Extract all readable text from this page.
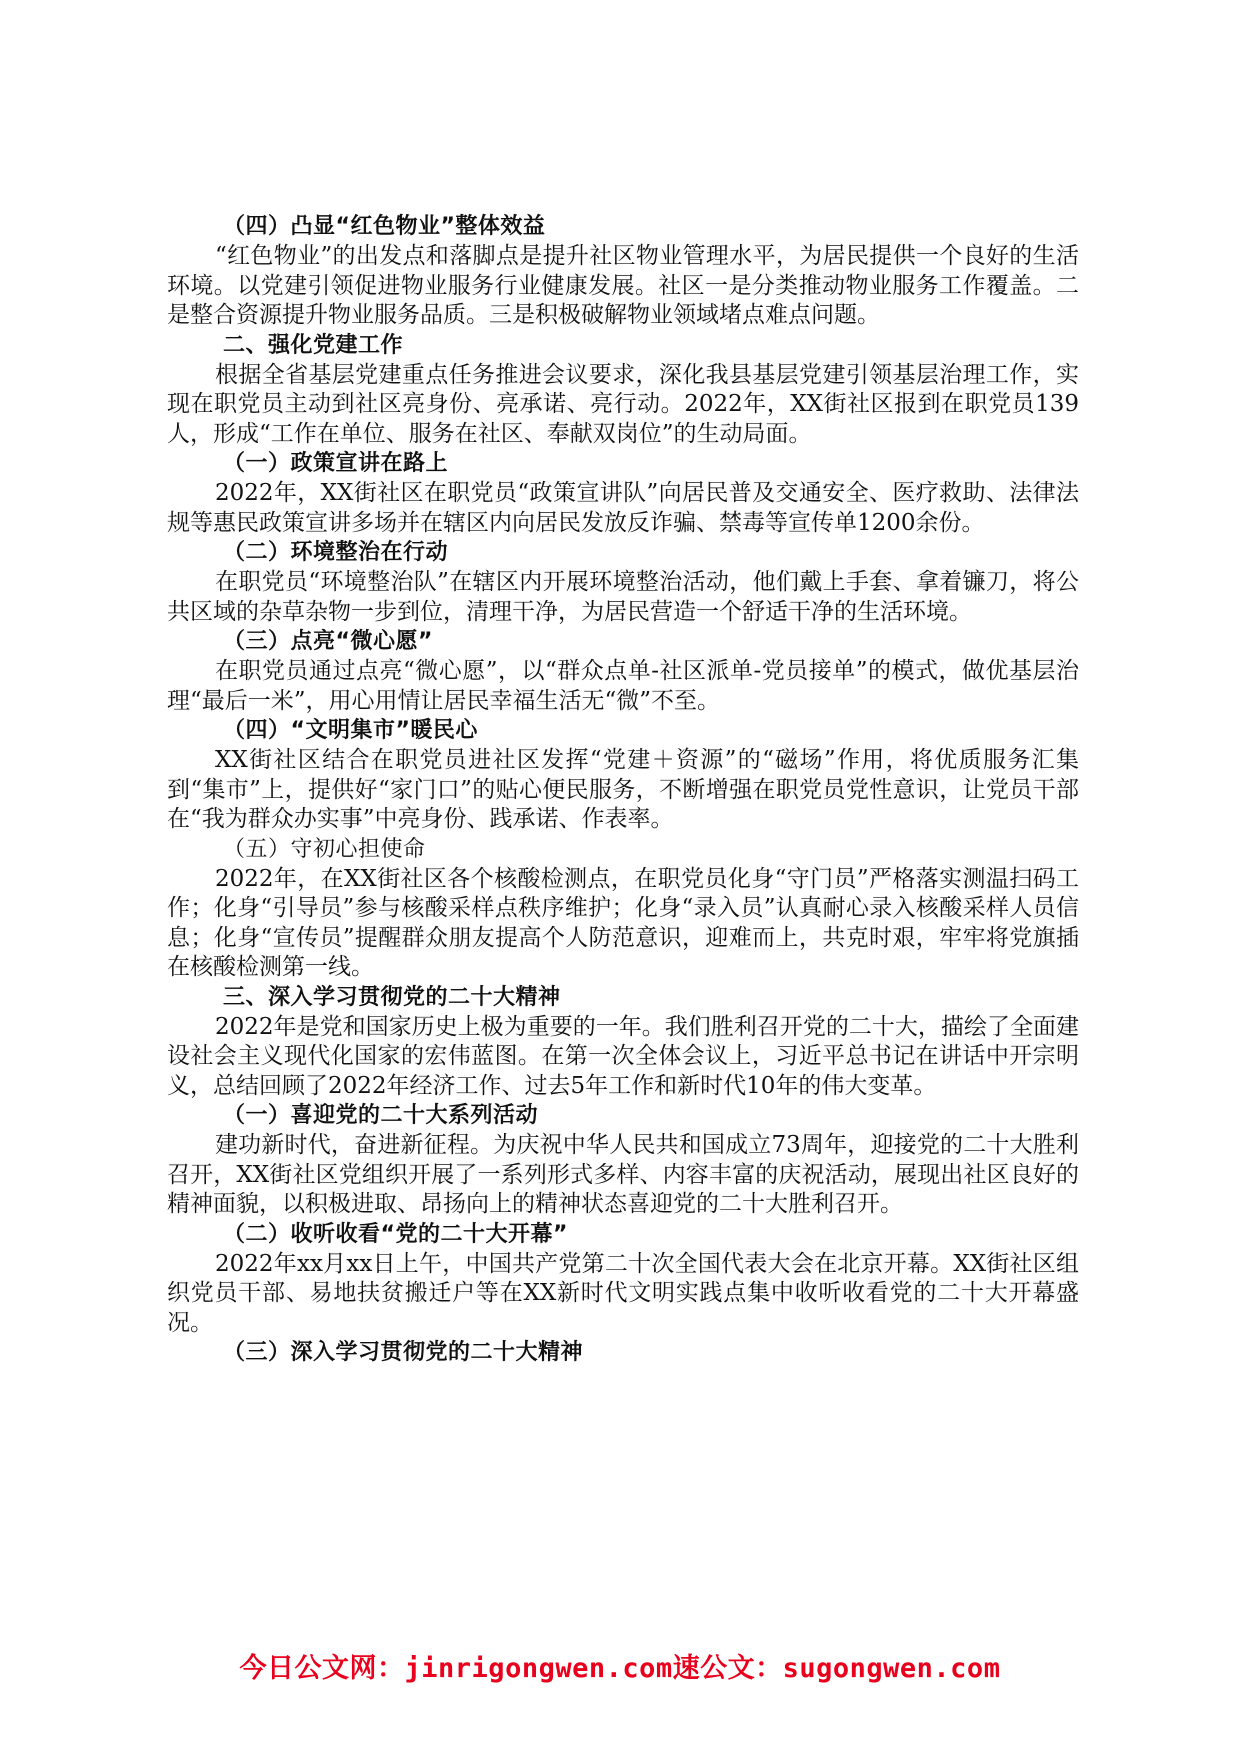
（四）凸显“红色物业”整体效益

“红色物业”的出发点和落脚点是提升社区物业管理水平，为居民提供一个良好的生活环境。以党建引领促进物业服务行业健康发展。社区一是分类推动物业服务工作覆盖。二是整合资源提升物业服务品质。三是积极破解物业领域堵点难点问题。

二、强化党建工作

根据全省基层党建重点任务推进会议要求，深化我县基层党建引领基层治理工作，实现在职党员主动到社区亮身份、亮承诺、亮行动。2022年，XX街社区报到在职党员139人，形成“工作在单位、服务在社区、奉献双岗位”的生动局面。

（一）政策宣讲在路上

2022年，XX街社区在职党员“政策宣讲队”向居民普及交通安全、医疗救助、法律法规等惠民政策宣讲多场并在辖区内向居民发放反诈骗、禁毒等宣传单1200余份。

（二）环境整治在行动

在职党员“环境整治队”在辖区内开展环境整治活动，他们戴上手套、拿着镰刀，将公共区域的杂草杂物一步到位，清理干净，为居民营造一个舒适干净的生活环境。

（三）点亮“微心愿”

在职党员通过点亮“微心愿”，以“群众点单-社区派单-党员接单”的模式，做优基层治理“最后一米”，用心用情让居民幸福生活无“微”不至。

（四）“文明集市”暖民心

XX街社区结合在职党员进社区发挥“党建＋资源”的“磁场”作用，将优质服务汇集到“集市”上，提供好“家门口”的贴心便民服务，不断增强在职党员党性意识，让党员干部在“我为群众办实事”中亮身份、践承诺、作表率。

（五）守初心担使命

2022年，在XX街社区各个核酸检测点，在职党员化身“守门员”严格落实测温扫码工作；化身“引导员”参与核酸采样点秩序维护；化身“录入员”认真耐心录入核酸采样人员信息；化身“宣传员”提醒群众朋友提高个人防范意识，迎难而上，共克时艰，牢牢将党旗插在核酸检测第一线。

三、深入学习贯彻党的二十大精神

2022年是党和国家历史上极为重要的一年。我们胜利召开党的二十大，描绘了全面建设社会主义现代化国家的宏伟蓝图。在第一次全体会议上，习近平总书记在讲话中开宗明义，总结回顾了2022年经济工作、过去5年工作和新时代10年的伟大变革。

（一）喜迎党的二十大系列活动

建功新时代，奋进新征程。为庆祝中华人民共和国成立73周年，迎接党的二十大胜利召开，XX街社区党组织开展了一系列形式多样、内容丰富的庆祝活动，展现出社区良好的精神面貌，以积极进取、昂扬向上的精神状态喜迎党的二十大胜利召开。

（二）收听收看“党的二十大开幕”

2022年xx月xx日上午，中国共产党第二十次全国代表大会在北京开幕。XX街社区组织党员干部、易地扶贫搬迁户等在XX新时代文明实践点集中收听收看党的二十大开幕盛况。

（三）深入学习贯彻党的二十大精神

今日公文网：jinrigongwen.com速公文：sugongwen.com
